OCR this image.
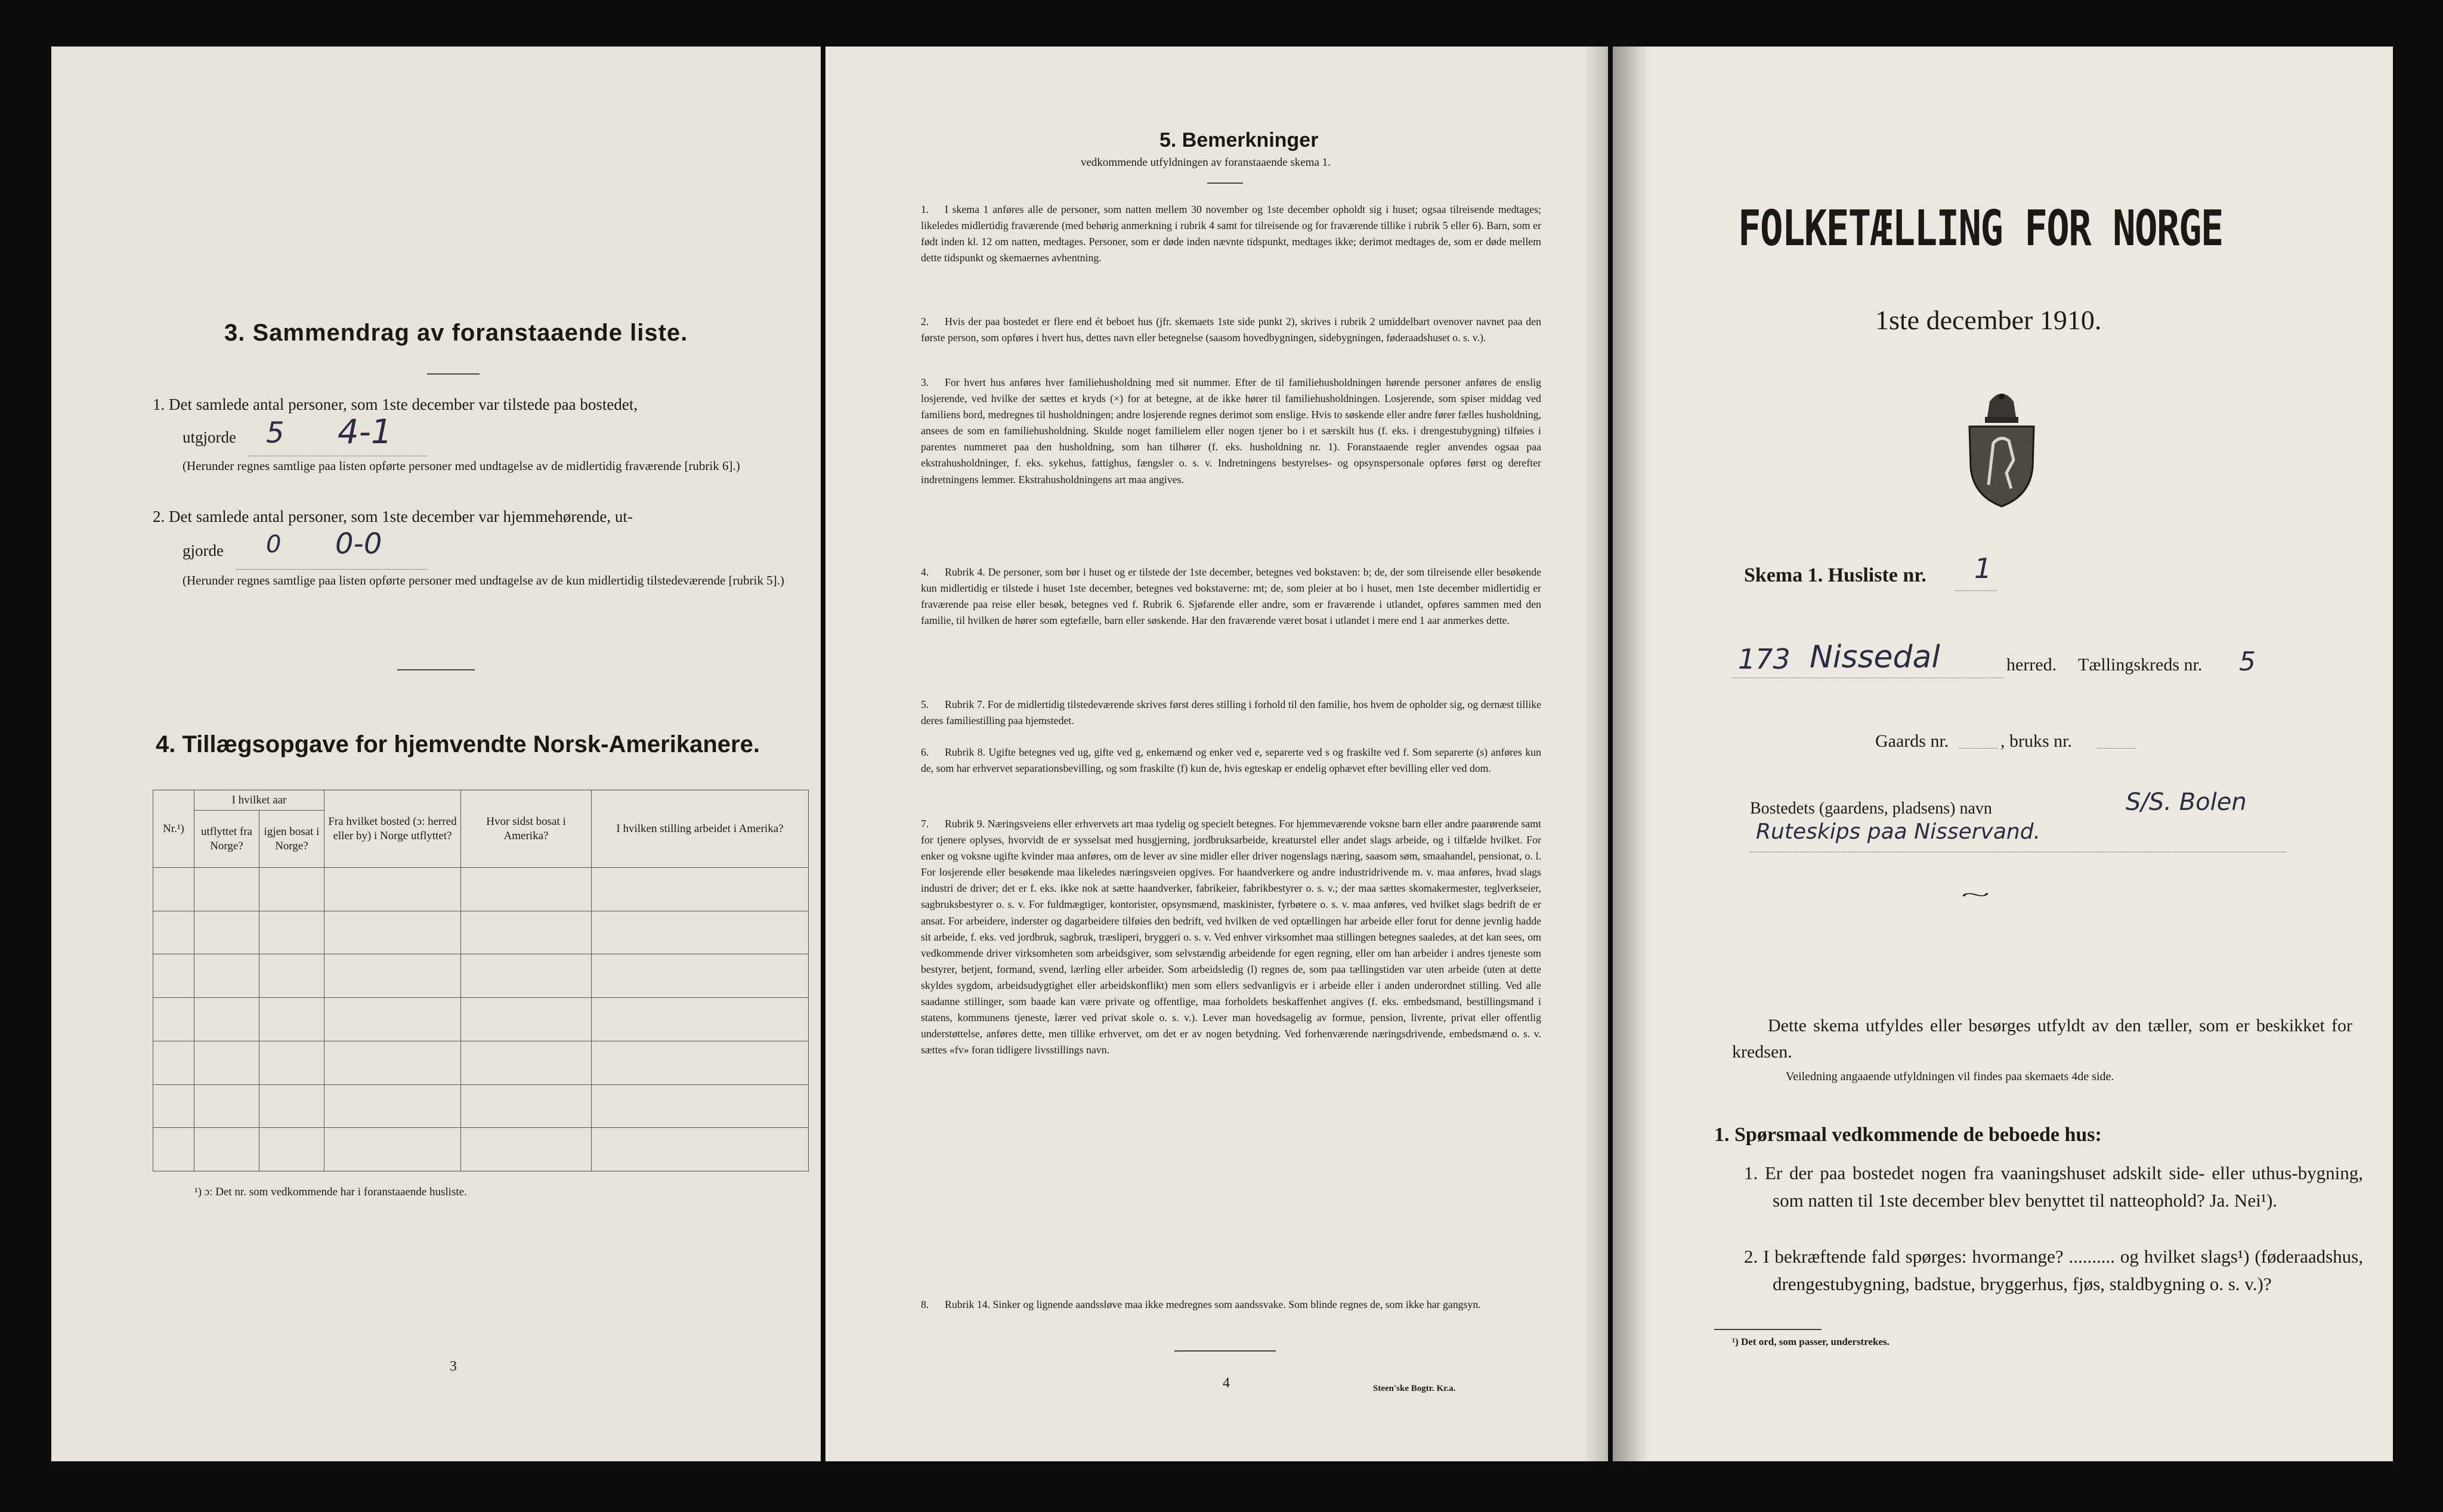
3. Sammendrag av foranstaaende liste.
1. Det samlede antal personer, som 1ste december var tilstede paa bostedet,
utgjorde 5 4-1
(Herunder regnes samtlige paa listen opførte personer med undtagelse av de midlertidig fraværende [rubrik 6].)
2. Det samlede antal personer, som 1ste december var hjemmehørende, ut-
gjorde 0 0-0
(Herunder regnes samtlige paa listen opførte personer med undtagelse av de kun midlertidig tilstedeværende [rubrik 5].)
4. Tillægsopgave for hjemvendte Norsk-Amerikanere.
Nr.¹)	I hvilket aar		Fra hvilket bosted (ɔ: herred eller by) i Norge utflyttet?	Hvor sidst bosat i Amerika?	I hvilken stilling arbeidet i Amerika?
	utflyttet fra Norge?	igjen bosat i Norge?			

¹) ɔ: Det nr. som vedkommende har i foranstaaende husliste.
3
5. Bemerkninger
vedkommende utfyldningen av foranstaaende skema 1.
1. I skema 1 anføres alle de personer, som natten mellem 30 november og 1ste december opholdt sig i huset; ogsaa tilreisende medtages; likeledes midlertidig fraværende (med behørig anmerkning i rubrik 4 samt for tilreisende og for fraværende tillike i rubrik 5 eller 6). Barn, som er født inden kl. 12 om natten, medtages. Personer, som er døde inden nævnte tidspunkt, medtages ikke; derimot medtages de, som er døde mellem dette tidspunkt og skemaernes avhentning.
2. Hvis der paa bostedet er flere end ét beboet hus (jfr. skemaets 1ste side punkt 2), skrives i rubrik 2 umiddelbart ovenover navnet paa den første person, som opføres i hvert hus, dettes navn eller betegnelse (saasom hovedbygningen, sidebygningen, føderaadshuset o. s. v.).
3. For hvert hus anføres hver familiehusholdning med sit nummer. Efter de til familiehusholdningen hørende personer anføres de enslig losjerende, ved hvilke der sættes et kryds (×) for at betegne, at de ikke hører til familiehusholdningen. Losjerende, som spiser middag ved familiens bord, medregnes til husholdningen; andre losjerende regnes derimot som enslige. Hvis to søskende eller andre fører fælles husholdning, ansees de som en familiehusholdning. Skulde noget familielem eller nogen tjener bo i et særskilt hus (f. eks. i drengestubygning) tilføies i parentes nummeret paa den husholdning, som han tilhører (f. eks. husholdning nr. 1). Foranstaaende regler anvendes ogsaa paa ekstrahusholdninger, f. eks. sykehus, fattighus, fængsler o. s. v. Indretningens bestyrelses- og opsynspersonale opføres først og derefter indretningens lemmer. Ekstrahusholdningens art maa angives.
4. Rubrik 4. De personer, som bør i huset og er tilstede der 1ste december, betegnes ved bokstaven: b; de, der som tilreisende eller besøkende kun midlertidig er tilstede i huset 1ste december, betegnes ved bokstaverne: mt; de, som pleier at bo i huset, men 1ste december midlertidig er fraværende paa reise eller besøk, betegnes ved f. Rubrik 6. Sjøfarende eller andre, som er fraværende i utlandet, opføres sammen med den familie, til hvilken de hører som egtefælle, barn eller søskende. Har den fraværende været bosat i utlandet i mere end 1 aar anmerkes dette.
5. Rubrik 7. For de midlertidig tilstedeværende skrives først deres stilling i forhold til den familie, hos hvem de opholder sig, og dernæst tillike deres familiestilling paa hjemstedet.
6. Rubrik 8. Ugifte betegnes ved ug, gifte ved g, enkemænd og enker ved e, separerte ved s og fraskilte ved f. Som separerte (s) anføres kun de, som har erhvervet separationsbevilling, og som fraskilte (f) kun de, hvis egteskap er endelig ophævet efter bevilling eller ved dom.
7. Rubrik 9. Næringsveiens eller erhvervets art maa tydelig og specielt betegnes. For hjemmeværende voksne barn eller andre paarørende samt for tjenere oplyses, hvorvidt de er sysselsat med husgjerning, jordbruksarbeide, kreaturstel eller andet slags arbeide, og i tilfælde hvilket. For enker og voksne ugifte kvinder maa anføres, om de lever av sine midler eller driver nogenslags næring, saasom søm, smaahandel, pensionat, o. l. For losjerende eller besøkende maa likeledes næringsveien opgives. For haandverkere og andre industridrivende m. v. maa anføres, hvad slags industri de driver; det er f. eks. ikke nok at sætte haandverker, fabrikeier, fabrikbestyrer o. s. v.; der maa sættes skomakermester, teglverkseier, sagbruksbestyrer o. s. v. For fuldmægtiger, kontorister, opsynsmænd, maskinister, fyrbøtere o. s. v. maa anføres, ved hvilket slags bedrift de er ansat. For arbeidere, inderster og dagarbeidere tilføies den bedrift, ved hvilken de ved optællingen har arbeide eller forut for denne jevnlig hadde sit arbeide, f. eks. ved jordbruk, sagbruk, træsliperi, bryggeri o. s. v. Ved enhver virksomhet maa stillingen betegnes saaledes, at det kan sees, om vedkommende driver virksomheten som arbeidsgiver, som selvstændig arbeidende for egen regning, eller om han arbeider i andres tjeneste som bestyrer, betjent, formand, svend, lærling eller arbeider. Som arbeidsledig (l) regnes de, som paa tællingstiden var uten arbeide (uten at dette skyldes sygdom, arbeidsudygtighet eller arbeidskonflikt) men som ellers sedvanligvis er i arbeide eller i anden underordnet stilling. Ved alle saadanne stillinger, som baade kan være private og offentlige, maa forholdets beskaffenhet angives (f. eks. embedsmand, bestillingsmand i statens, kommunens tjeneste, lærer ved privat skole o. s. v.). Lever man hovedsagelig av formue, pension, livrente, privat eller offentlig understøttelse, anføres dette, men tillike erhvervet, om det er av nogen betydning. Ved forhenværende næringsdrivende, embedsmænd o. s. v. sættes «fv» foran tidligere livsstillings navn.
8. Rubrik 14. Sinker og lignende aandssløve maa ikke medregnes som aandssvake. Som blinde regnes de, som ikke har gangsyn.
4	Steen'ske Bogtr. Kr.a.
FOLKETÆLLING FOR NORGE
1ste december 1910.
Skema 1. Husliste nr. 1
173 Nissedal	herred. Tællingskreds nr. 5
Gaards nr.	, bruks nr.
Bostedets (gaardens, pladsens) navn	S/S. Bolen
Ruteskips paa Nisservand.
~
Dette skema utfyldes eller besørges utfyldt av den tæller, som er beskikket for kredsen.
Veiledning angaaende utfyldningen vil findes paa skemaets 4de side.
1. Spørsmaal vedkommende de beboede hus:
1. Er der paa bostedet nogen fra vaaningshuset adskilt side- eller uthus-bygning, som natten til 1ste december blev benyttet til natteophold? Ja. Nei¹).
2. I bekræftende fald spørges: hvormange? .......... og hvilket slags¹) (føderaadshus, drengestubygning, badstue, bryggerhus, fjøs, staldbygning o. s. v.)?
¹) Det ord, som passer, understrekes.
